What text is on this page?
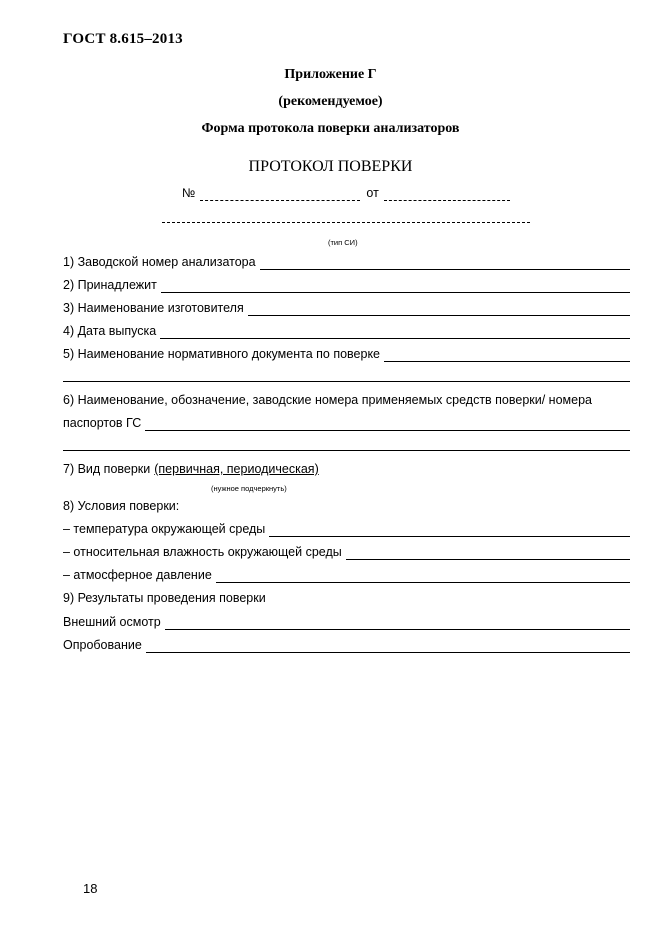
ГОСТ 8.615–2013
Приложение Г
(рекомендуемое)
Форма протокола поверки анализаторов
ПРОТОКОЛ ПОВЕРКИ
№	от
(тип СИ)
1) Заводской номер анализатора
2) Принадлежит
3) Наименование изготовителя
4) Дата выпуска
5) Наименование нормативного документа по поверке
6) Наименование, обозначение, заводские номера применяемых средств поверки/ номера
паспортов ГС
7) Вид поверки (первичная, периодическая)
(нужное подчеркнуть)
8) Условия поверки:
– температура окружающей среды
– относительная влажность окружающей среды
– атмосферное давление
9) Результаты проведения поверки
Внешний осмотр
Опробование
18
